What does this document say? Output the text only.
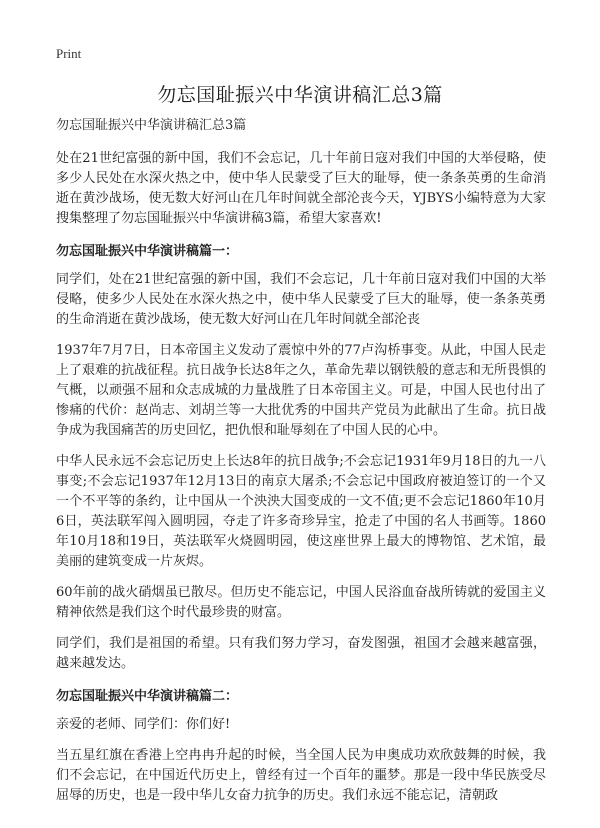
Print
勿忘国耻振兴中华演讲稿汇总3篇

勿忘国耻振兴中华演讲稿汇总3篇

处在21世纪富强的新中国，我们不会忘记，几十年前日寇对我们中国的大举侵略，使多少人民处在水深火热之中，使中华人民蒙受了巨大的耻辱，使一条条英勇的生命消逝在黄沙战场，使无数大好河山在几年时间就全部沦丧今天，YJBYS小编特意为大家搜集整理了勿忘国耻振兴中华演讲稿3篇，希望大家喜欢!

勿忘国耻振兴中华演讲稿篇一：

同学们，处在21世纪富强的新中国，我们不会忘记，几十年前日寇对我们中国的大举侵略，使多少人民处在水深火热之中，使中华人民蒙受了巨大的耻辱，使一条条英勇的生命消逝在黄沙战场，使无数大好河山在几年时间就全部沦丧

1937年7月7日，日本帝国主义发动了震惊中外的77卢沟桥事变。从此，中国人民走上了艰难的抗战征程。抗日战争长达8年之久，革命先辈以钢铁般的意志和无所畏惧的气概，以顽强不屈和众志成城的力量战胜了日本帝国主义。可是，中国人民也付出了惨痛的代价：赵尚志、刘胡兰等一大批优秀的中国共产党员为此献出了生命。抗日战争成为我国痛苦的历史回忆，把仇恨和耻辱刻在了中国人民的心中。

中华人民永远不会忘记历史上长达8年的抗日战争;不会忘记1931年9月18日的九一八事变;不会忘记1937年12月13日的南京大屠杀;不会忘记中国政府被迫签订的一个又一个不平等的条约，让中国从一个泱泱大国变成的一文不值;更不会忘记1860年10月6日，英法联军闯入圆明园，夺走了许多奇珍异宝，抢走了中国的名人书画等。1860年10月18和19日，英法联军火烧圆明园，使这座世界上最大的博物馆、艺术馆，最美丽的建筑变成一片灰烬。

60年前的战火硝烟虽已散尽。但历史不能忘记，中国人民浴血奋战所铸就的爱国主义精神依然是我们这个时代最珍贵的财富。

同学们，我们是祖国的希望。只有我们努力学习，奋发图强，祖国才会越来越富强，越来越发达。

勿忘国耻振兴中华演讲稿篇二：

亲爱的老师、同学们：你们好!

当五星红旗在香港上空冉冉升起的时候，当全国人民为申奥成功欢欣鼓舞的时候，我们不会忘记，在中国近代历史上，曾经有过一个百年的噩梦。那是一段中华民族受尽屈辱的历史，也是一段中华儿女奋力抗争的历史。我们永远不能忘记，清朝政
